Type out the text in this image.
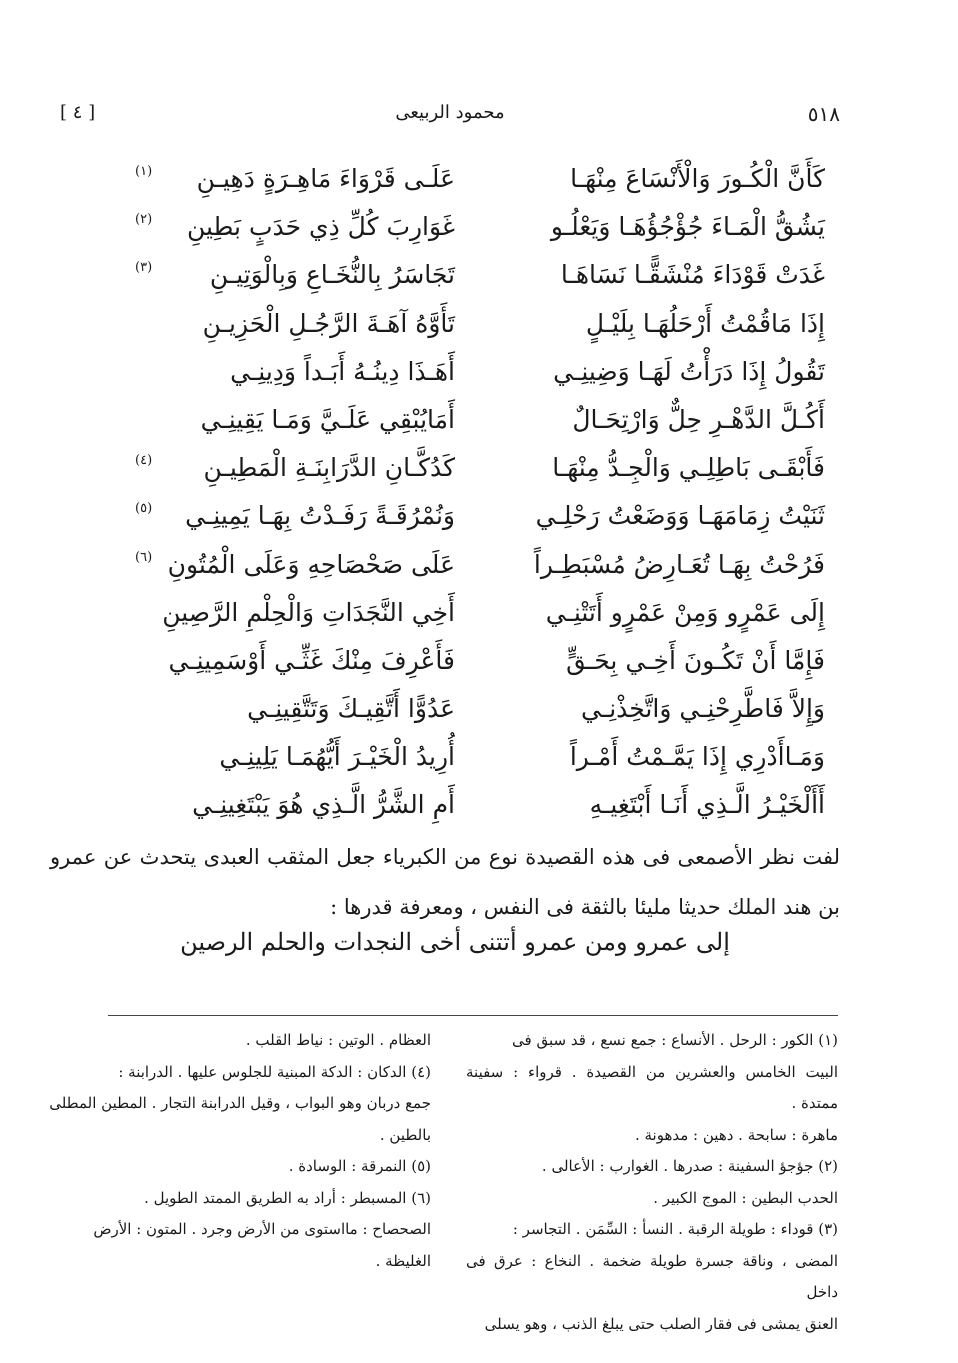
٥١٨
محمود الربيعى
[ ٤ ]
كَأَنَّ الْكُـورَ وَالْأَنْسَاعَ مِنْهَـا
عَلَـى قَرْوَاءَ مَاهِـرَةٍ دَهِيـنِ
(١)
يَشُقُّ الْمَـاءَ جُؤْجُؤُهَـا وَيَعْلُـو
غَوَارِبَ كُلِّ ذِي حَدَبٍ بَطِينِ
(٢)
غَدَتْ قَوْدَاءَ مُنْشَقًّـا نَسَاهَـا
تَجَاسَرُ بِالنُّخَـاعِ وَبِالْوَتِيـنِ
(٣)
إِذَا مَاقُمْتُ أَرْحَلُهَـا بِلَيْـلٍ
تَأَوَّهُ آهَـةَ الرَّجُـلِ الْحَزِيـنِ
تَقُولُ إِذَا دَرَأْتُ لَهَـا وَضِينِـي
أَهَـذَا دِينُـهُ أَبَـداً وَدِينِـي
أَكُـلَّ الدَّهْـرِ حِلٌّ وَارْتِحَـالٌ
أَمَايُبْقِي عَلَـيَّ وَمَـا يَقِينِـي
فَأَبْقَـى بَاطِلِـي وَالْجِـدُّ مِنْهَـا
كَدُكَّـانِ الدَّرَابِنَـةِ الْمَطِيـنِ
(٤)
ثَنَيْتُ زِمَامَهَـا وَوَضَعْتُ رَحْلِـي
وَنُمْرُقَـةً رَفَـدْتُ بِهَـا يَمِينِـي
(٥)
فَرُحْتُ بِهَـا تُعَـارِضُ مُسْبَطِـراً
عَلَى صَحْصَاحِهِ وَعَلَى الْمُتُونِ
(٦)
إِلَى عَمْرٍو وَمِنْ عَمْرٍو أَتَتْنِـي
أَخِي النَّجَدَاتِ وَالْحِلْمِ الرَّصِينِ
فَإِمَّا أَنْ تَكُـونَ أَخِـي بِحَـقٍّ
فَأَعْرِفَ مِنْكَ غَثِّـي أَوْسَمِينِـي
وَإِلاَّ فَاطَّرِحْنِـي وَاتَّخِذْنِـي
عَدُوًّا أَتَّقِيـكَ وَتَتَّقِينِـي
وَمَـاأَدْرِي إِذَا يَمَّـمْتُ أَمْـراً
أُرِيدُ الْخَيْـرَ أَيُّهُمَـا يَلِينِـي
أَأَلْخَيْـرُ الَّـذِي أَنَـا أَبْتَغِيـهِ
أَمِ الشَّرُّ الَّـذِي هُوَ يَبْتَغِينِـي
لفت نظر الأصمعى فى هذه القصيدة نوع من الكبرياء جعل المثقب العبدى يتحدث عن عمرو بن هند الملك حديثا مليئا بالثقة فى النفس ، ومعرفة قدرها :
إلى عمرو ومن عمرو أتتنى أخى النجدات والحلم الرصين
(١) الكور : الرحل . الأنساع : جمع نسع ، قد سبق فى
البيت الخامس والعشرين من القصيدة . قرواء : سفينة ممتدة .
ماهرة : سابحة . دهين : مدهونة .
(٢) جؤجؤ السفينة : صدرها . الغوارب : الأعالى .
الحدب البطين : الموج الكبير .
(٣) قوداء : طويلة الرقبة . النسأ : السِّمَن . التجاسر :
المضى ، وناقة جسرة طويلة ضخمة . النخاع : عرق فى داخل
العنق يمشى فى فقار الصلب حتى يبلغ الذنب ، وهو يسلى
العظام . الوتين : نياط القلب .
(٤) الدكان : الدكة المبنية للجلوس عليها . الدرابنة :
جمع دربان وهو البواب ، وقيل الدرابنة التجار . المطين المطلى
بالطين .
(٥) النمرقة : الوسادة .
(٦) المسبطر : أراد به الطريق الممتد الطويل .
الصحصاح : مااستوى من الأرض وجرد . المتون : الأرض
الغليظة .
